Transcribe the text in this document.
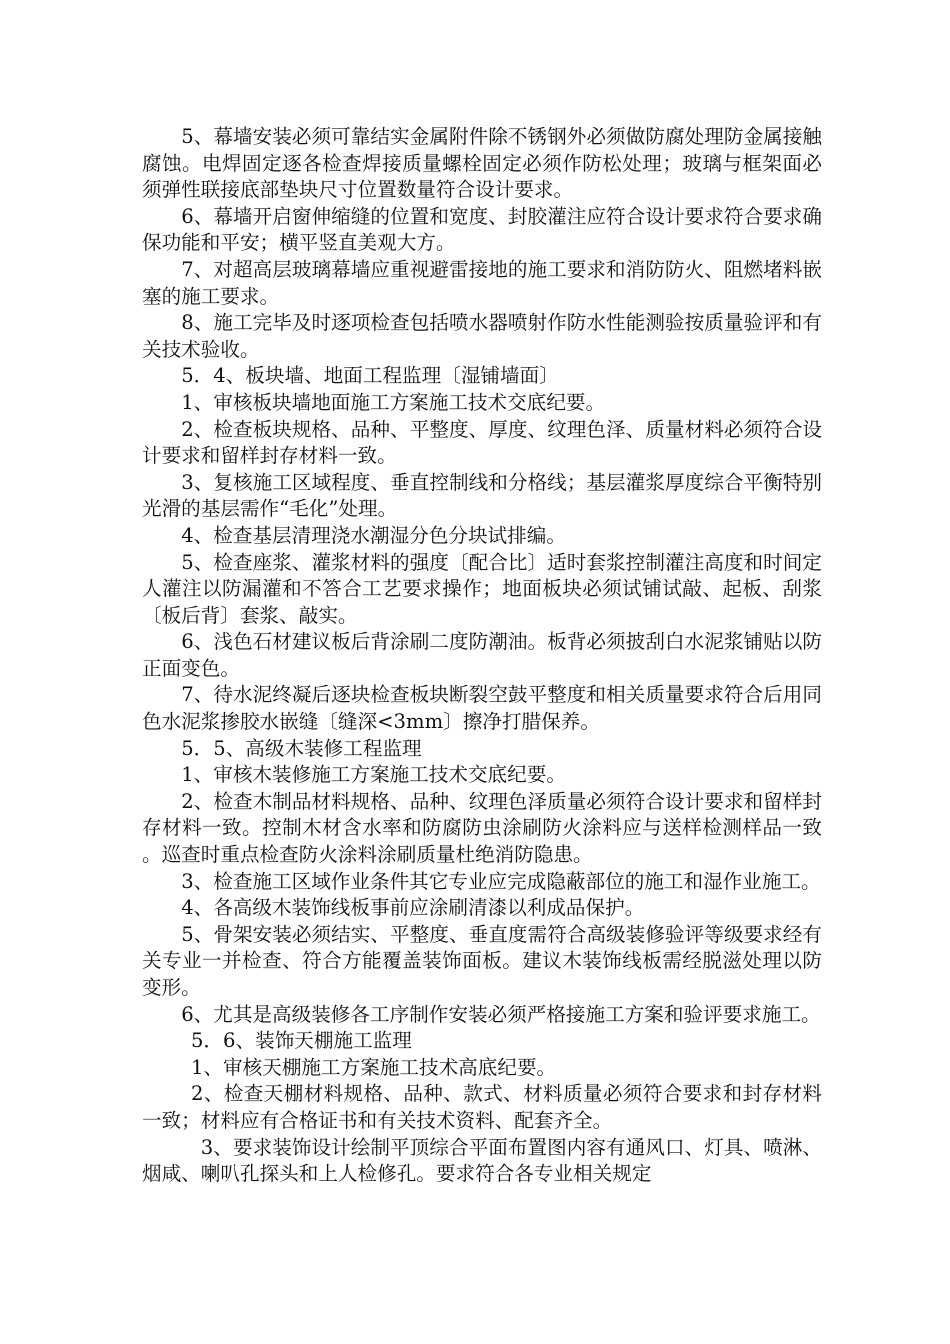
5、幕墙安装必须可靠结实金属附件除不锈钢外必须做防腐处理防金属接触腐蚀。电焊固定逐各检查焊接质量螺栓固定必须作防松处理；玻璃与框架面必须弹性联接底部垫块尺寸位置数量符合设计要求。

6、幕墙开启窗伸缩缝的位置和宽度、封胶灌注应符合设计要求符合要求确保功能和平安；横平竖直美观大方。

7、对超高层玻璃幕墙应重视避雷接地的施工要求和消防防火、阻燃堵料嵌塞的施工要求。

8、施工完毕及时逐项检查包括喷水器喷射作防水性能测验按质量验评和有关技术验收。

5．4、板块墙、地面工程监理〔湿铺墙面〕

1、审核板块墙地面施工方案施工技术交底纪要。

2、检查板块规格、品种、平整度、厚度、纹理色泽、质量材料必须符合设计要求和留样封存材料一致。

3、复核施工区域程度、垂直控制线和分格线；基层灌浆厚度综合平衡特别光滑的基层需作“毛化”处理。

4、检查基层清理浇水潮湿分色分块试排编。

5、检查座浆、灌浆材料的强度〔配合比〕适时套浆控制灌注高度和时间定人灌注以防漏灌和不答合工艺要求操作；地面板块必须试铺试敲、起板、刮浆〔板后背〕套浆、敲实。

6、浅色石材建议板后背涂刷二度防潮油。板背必须披刮白水泥浆铺贴以防正面变色。

7、待水泥终凝后逐块检查板块断裂空鼓平整度和相关质量要求符合后用同色水泥浆掺胶水嵌缝〔缝深<3mm〕擦净打腊保养。

5．5、高级木装修工程监理

1、审核木装修施工方案施工技术交底纪要。

2、检查木制品材料规格、品种、纹理色泽质量必须符合设计要求和留样封存材料一致。控制木材含水率和防腐防虫涂刷防火涂料应与送样检测样品一致。巡查时重点检查防火涂料涂刷质量杜绝消防隐患。

3、检查施工区域作业条件其它专业应完成隐蔽部位的施工和湿作业施工。

4、各高级木装饰线板事前应涂刷清漆以利成品保护。

5、骨架安装必须结实、平整度、垂直度需符合高级装修验评等级要求经有关专业一并检查、符合方能覆盖装饰面板。建议木装饰线板需经脱滋处理以防变形。

6、尤其是高级装修各工序制作安装必须严格接施工方案和验评要求施工。

5．6、装饰天棚施工监理

1、审核天棚施工方案施工技术高底纪要。

2、检查天棚材料规格、品种、款式、材料质量必须符合要求和封存材料一致；材料应有合格证书和有关技术资料、配套齐全。

3、要求装饰设计绘制平顶综合平面布置图内容有通风口、灯具、喷淋、烟咸、喇叭孔探头和上人检修孔。要求符合各专业相关规定
